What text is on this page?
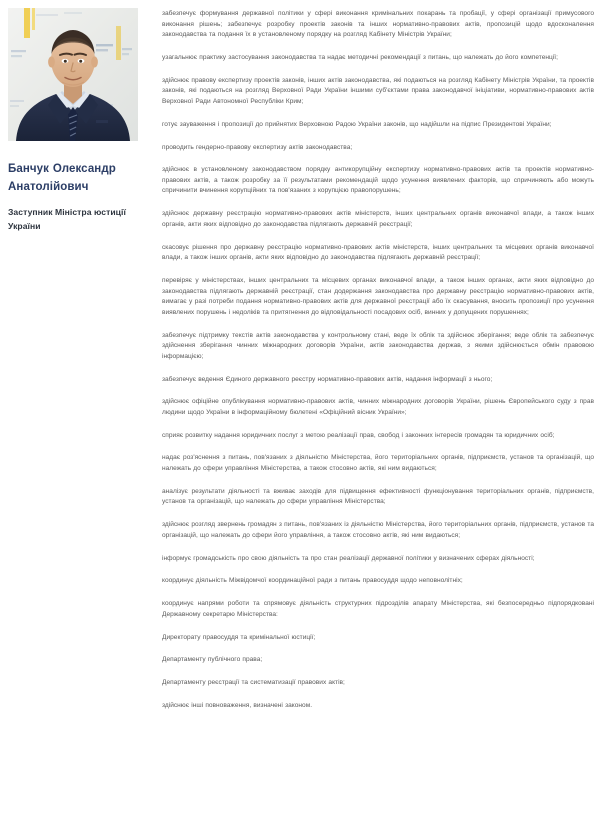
Банчук Олександр Анатолійович
Заступник Міністра юстиції України

забезпечує формування державної політики у сфері виконання кримінальних покарань та пробації, у сфері організації примусового виконання рішень; забезпечує розробку проектів законів та інших нормативно-правових актів, пропозицій щодо вдосконалення законодавства та подання їх в установленому порядку на розгляд Кабінету Міністрів України;

узагальнює практику застосування законодавства та надає методичні рекомендації з питань, що належать до його компетенції;

здійснює правову експертизу проектів законів, інших актів законодавства, які подаються на розгляд Кабінету Міністрів України, та проектів законів, які подаються на розгляд Верховної Ради України іншими суб'єктами права законодавчої ініціативи, нормативно-правових актів Верховної Ради Автономної Республіки Крим;

готує зауваження і пропозиції до прийнятих Верховною Радою України законів, що надійшли на підпис Президентові України;

проводить гендерно-правову експертизу актів законодавства;

здійснює в установленому законодавством порядку антикорупційну експертизу нормативно-правових актів та проектів нормативно-правових актів, а також розробку за її результатами рекомендацій щодо усунення виявлених факторів, що спричиняють або можуть спричинити вчинення корупційних та пов'язаних з корупцією правопорушень;

здійснює державну реєстрацію нормативно-правових актів міністерств, інших центральних органів виконавчої влади, а також інших органів, акти яких відповідно до законодавства підлягають державній реєстрації;

скасовує рішення про державну реєстрацію нормативно-правових актів міністерств, інших центральних та місцевих органів виконавчої влади, а також інших органів, акти яких відповідно до законодавства підлягають державній реєстрації;

перевіряє у міністерствах, інших центральних та місцевих органах виконавчої влади, а також інших органах, акти яких відповідно до законодавства підлягають державній реєстрації, стан додержання законодавства про державну реєстрацію нормативно-правових актів, вимагає у разі потреби подання нормативно-правових актів для державної реєстрації або їх скасування, вносить пропозиції про усунення виявлених порушень і недоліків та притягнення до відповідальності посадових осіб, винних у допущених порушеннях;

забезпечує підтримку текстів актів законодавства у контрольному стані, веде їх облік та здійснює зберігання; веде облік та забезпечує здійснення зберігання чинних міжнародних договорів України, актів законодавства держав, з якими здійснюється обмін правовою інформацією;

забезпечує ведення Єдиного державного реєстру нормативно-правових актів, надання інформації з нього;

здійснює офіційне опублікування нормативно-правових актів, чинних міжнародних договорів України, рішень Європейського суду з прав людини щодо України в інформаційному бюлетені «Офіційний вісник України»;

сприяє розвитку надання юридичних послуг з метою реалізації прав, свобод і законних інтересів громадян та юридичних осіб;

надає роз'яснення з питань, пов'язаних з діяльністю Міністерства, його територіальних органів, підприємств, установ та організацій, що належать до сфери управління Міністерства, а також стосовно актів, які ним видаються;

аналізує результати діяльності та вживає заходів для підвищення ефективності функціонування територіальних органів, підприємств, установ та організацій, що належать до сфери управління Міністерства;

здійснює розгляд звернень громадян з питань, пов'язаних із діяльністю Міністерства, його територіальних органів, підприємств, установ та організацій, що належать до сфери його управління, а також стосовно актів, які ним видаються;

інформує громадськість про свою діяльність та про стан реалізації державної політики у визначених сферах діяльності;

координує діяльність Міжвідомчої координаційної ради з питань правосуддя щодо неповнолітніх;

координує напрями роботи та спрямовує діяльність структурних підрозділів апарату Міністерства, які безпосередньо підпорядковані Державному секретарю Міністерства:

Директорату правосуддя та кримінальної юстиції;

Департаменту публічного права;

Департаменту реєстрації та систематизації правових актів;

здійснює інші повноваження, визначені законом.
